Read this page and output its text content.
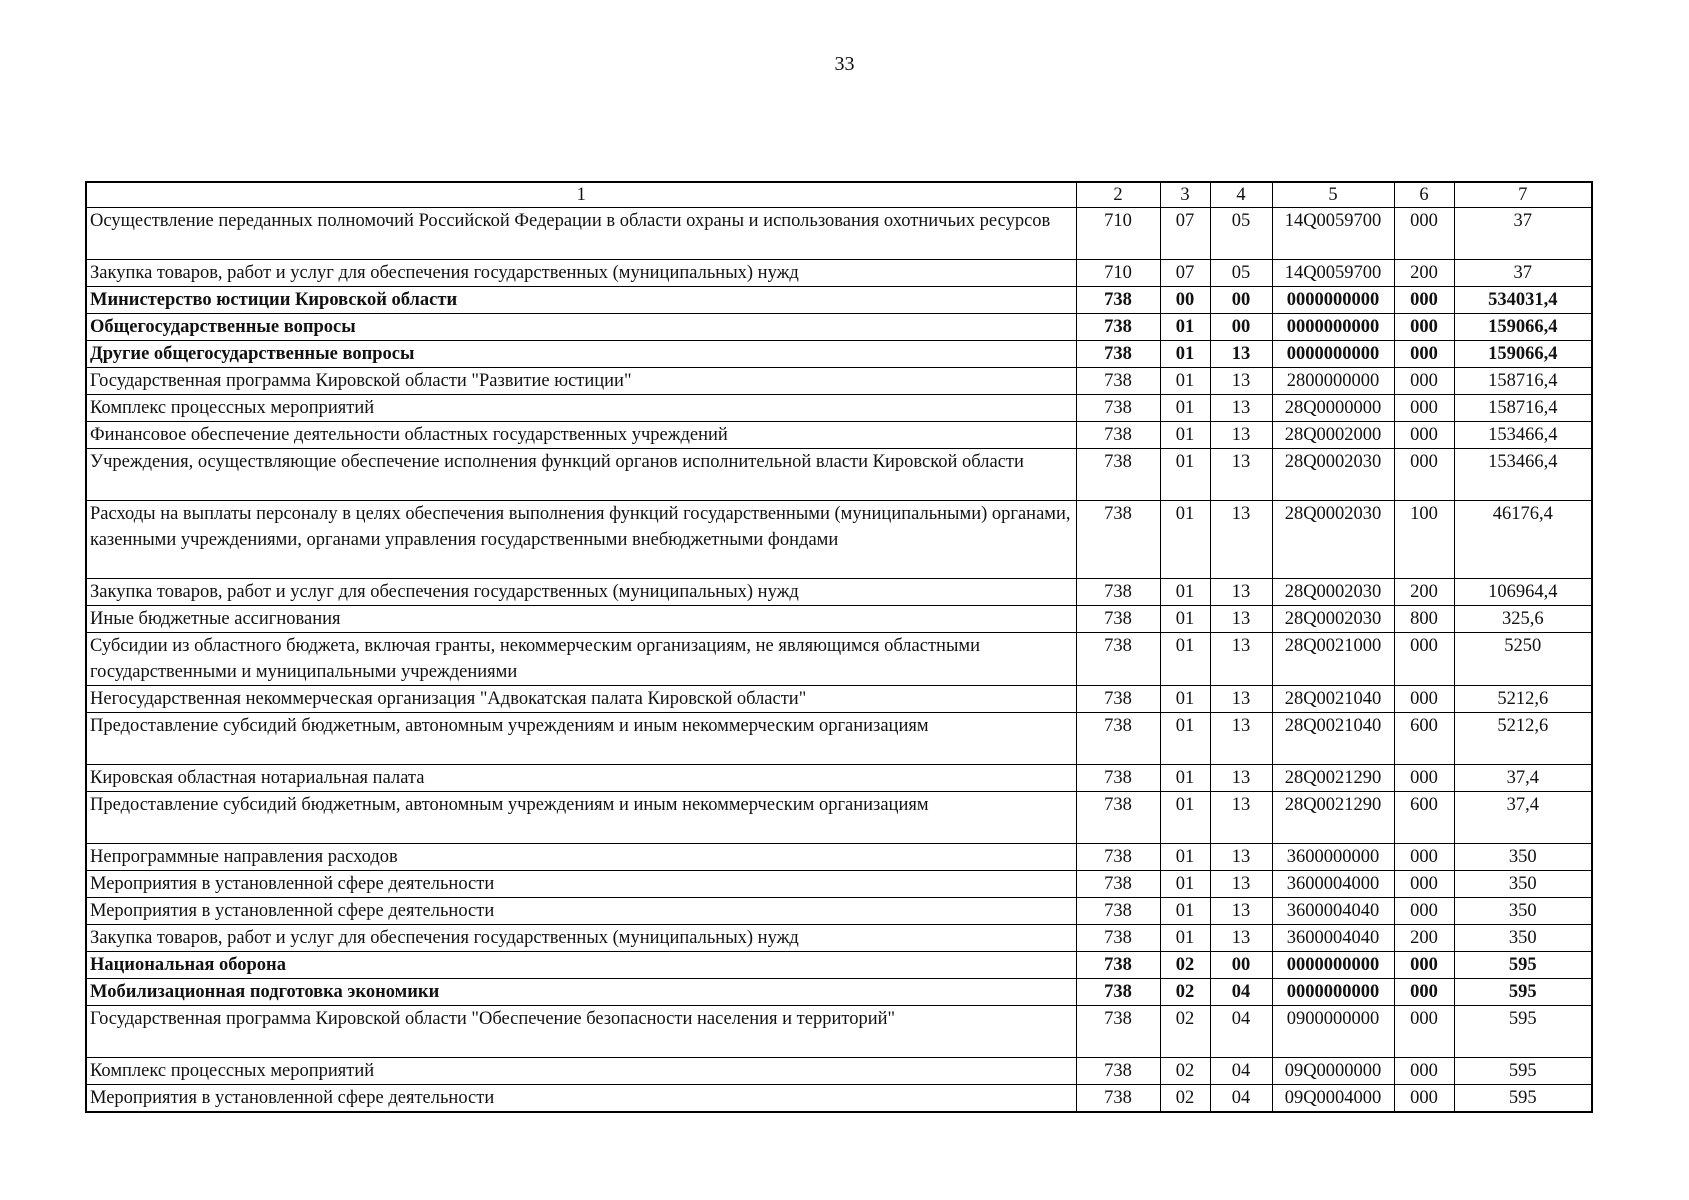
33
1	2	3	4	5	6	7
Осуществление переданных полномочий Российской Федерации в области охраны и использования охотничьих ресурсов	710	07	05	14Q0059700	000	37
Закупка товаров, работ и услуг для обеспечения государственных (муниципальных) нужд	710	07	05	14Q0059700	200	37
Министерство юстиции Кировской области	738	00	00	0000000000	000	534031,4
Общегосударственные вопросы	738	01	00	0000000000	000	159066,4
Другие общегосударственные вопросы	738	01	13	0000000000	000	159066,4
Государственная программа Кировской области "Развитие юстиции"	738	01	13	2800000000	000	158716,4
Комплекс процессных мероприятий	738	01	13	28Q0000000	000	158716,4
Финансовое обеспечение деятельности областных государственных учреждений	738	01	13	28Q0002000	000	153466,4
Учреждения, осуществляющие обеспечение исполнения функций органов исполнительной власти Кировской области	738	01	13	28Q0002030	000	153466,4
Расходы на выплаты персоналу в целях обеспечения выполнения функций государственными (муниципальными) органами, казенными учреждениями, органами управления государственными внебюджетными фондами	738	01	13	28Q0002030	100	46176,4
Закупка товаров, работ и услуг для обеспечения государственных (муниципальных) нужд	738	01	13	28Q0002030	200	106964,4
Иные бюджетные ассигнования	738	01	13	28Q0002030	800	325,6
Субсидии из областного бюджета, включая гранты, некоммерческим организациям, не являющимся областными государственными и муниципальными учреждениями	738	01	13	28Q0021000	000	5250
Негосударственная некоммерческая организация "Адвокатская палата Кировской области"	738	01	13	28Q0021040	000	5212,6
Предоставление субсидий бюджетным, автономным учреждениям и иным некоммерческим организациям	738	01	13	28Q0021040	600	5212,6
Кировская областная нотариальная палата	738	01	13	28Q0021290	000	37,4
Предоставление субсидий бюджетным, автономным учреждениям и иным некоммерческим организациям	738	01	13	28Q0021290	600	37,4
Непрограммные направления расходов	738	01	13	3600000000	000	350
Мероприятия в установленной сфере деятельности	738	01	13	3600004000	000	350
Мероприятия в установленной сфере деятельности	738	01	13	3600004040	000	350
Закупка товаров, работ и услуг для обеспечения государственных (муниципальных) нужд	738	01	13	3600004040	200	350
Национальная оборона	738	02	00	0000000000	000	595
Мобилизационная подготовка экономики	738	02	04	0000000000	000	595
Государственная программа Кировской области "Обеспечение безопасности населения и территорий"	738	02	04	0900000000	000	595
Комплекс процессных мероприятий	738	02	04	09Q0000000	000	595
Мероприятия в установленной сфере деятельности	738	02	04	09Q0004000	000	595
